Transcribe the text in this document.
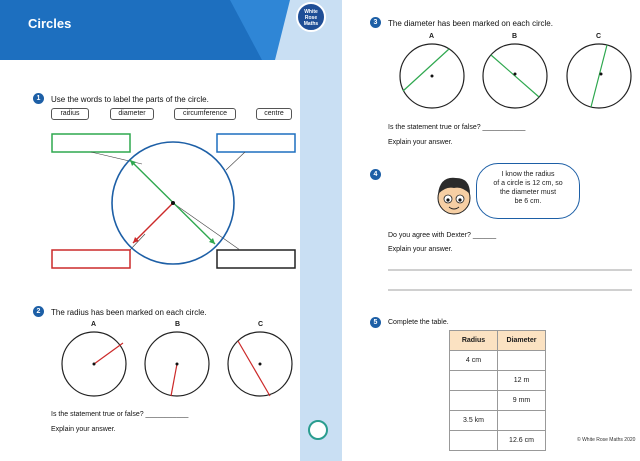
Circles
White
Rose
Maths
1	Use the words to label the parts of the circle.
radius	diameter	circumference	centre
2	The radius has been marked on each circle.
A	B	C
Is the statement true or false? ___________
Explain your answer.
3	The diameter has been marked on each circle.
A	B	C
Is the statement true or false? ___________
Explain your answer.
4	I know the radius
of a circle is 12 cm, so
the diameter must
be 6 cm.
Do you agree with Dexter? ______
Explain your answer.
5	Complete the table.
Radius	Diameter
4 cm	
	12 m
	9 mm
3.5 km	
	12.6 cm	© White Rose Maths 2020
